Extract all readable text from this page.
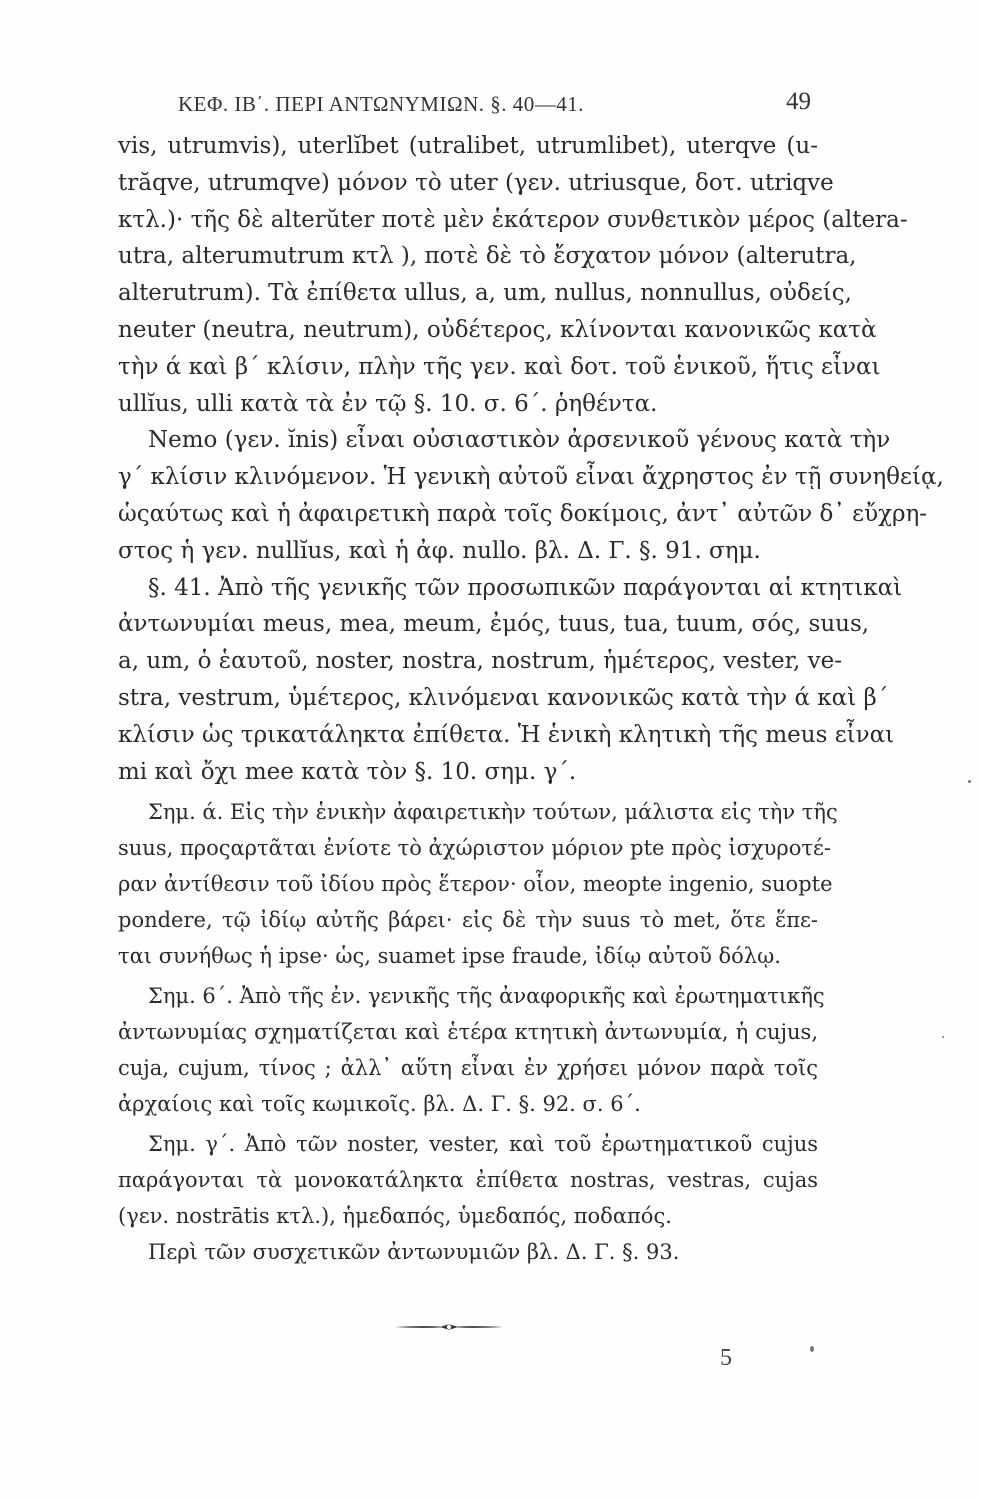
ΚΕΦ. ΙΒ΄. ΠΕΡΙ ΑΝΤΩΝΥΜΙΩΝ. §. 40—41.	49
vis, utrumvis), uterlĭbet (utralibet, utrumlibet), uterqve (u-
trăqve, utrumqve) μόνον τὸ uter (γεν. utriusque, δοτ. utriqve
κτλ.)· τῆς δὲ alterŭter ποτὲ μὲν ἑκάτερον συνθετικὸν μέρος (altera-
utra, alterumutrum κτλ ), ποτὲ δὲ τὸ ἔσχατον μόνον (alterutra,
alterutrum). Τὰ ἐπίθετα ullus, a, um, nullus, nonnullus, οὐδείς,
neuter (neutra, neutrum), οὐδέτερος, κλίνονται κανονικῶς κατὰ
τὴν ά καὶ β΄ κλίσιν, πλὴν τῆς γεν. καὶ δοτ. τοῦ ἑνικοῦ, ἥτις εἶναι
ullĭus, ulli κατὰ τὰ ἐν τῷ §. 10. σ. 6΄. ῥηθέντα.
Nemo (γεν. ĭnis) εἶναι οὐσιαστικὸν ἀρσενικοῦ γένους κατὰ τὴν
γ΄ κλίσιν κλινόμενον. Ἡ γενικὴ αὐτοῦ εἶναι ἄχρηστος ἐν τῇ συνηθείᾳ,
ὡςαύτως καὶ ἡ ἀφαιρετικὴ παρὰ τοῖς δοκίμοις, ἀντ᾽ αὐτῶν δ᾽ εὔχρη-
στος ἡ γεν. nullĭus, καὶ ἡ ἀφ. nullo. βλ. Δ. Γ. §. 91. σημ.
§. 41. Ἀπὸ τῆς γενικῆς τῶν προσωπικῶν παράγονται αἱ κτητικαὶ
ἀντωνυμίαι meus, mea, meum, ἐμός, tuus, tua, tuum, σός, suus,
a, um, ὁ ἑαυτοῦ, noster, nostra, nostrum, ἡμέτερος, vester, ve-
stra, vestrum, ὑμέτερος, κλινόμεναι κανονικῶς κατὰ τὴν ά καὶ β΄
κλίσιν ὡς τρικατάληκτα ἐπίθετα. Ἡ ἑνικὴ κλητικὴ τῆς meus εἶναι
mi καὶ ὄχι mee κατὰ τὸν §. 10. σημ. γ΄.
Σημ. ά. Εἰς τὴν ἑνικὴν ἀφαιρετικὴν τούτων, μάλιστα εἰς τὴν τῆς
suus, προςαρτᾶται ἐνίοτε τὸ ἀχώριστον μόριον pte πρὸς ἰσχυροτέ-
ραν ἀντίθεσιν τοῦ ἰδίου πρὸς ἕτερον· οἷον, meopte ingenio, suopte
pondere, τῷ ἰδίῳ αὐτῆς βάρει· εἰς δὲ τὴν suus τὸ met, ὅτε ἕπε-
ται συνήθως ἡ ipse· ὡς, suamet ipse fraude, ἰδίῳ αὐτοῦ δόλῳ.
Σημ. 6΄. Ἀπὸ τῆς ἐν. γενικῆς τῆς ἀναφορικῆς καὶ ἐρωτηματικῆς
ἀντωνυμίας σχηματίζεται καὶ ἑτέρα κτητικὴ ἀντωνυμία, ἡ cujus,
cuja, cujum, τίνος ; ἀλλ᾽ αὕτη εἶναι ἐν χρήσει μόνον παρὰ τοῖς
ἀρχαίοις καὶ τοῖς κωμικοῖς. βλ. Δ. Γ. §. 92. σ. 6΄.
Σημ. γ΄. Ἀπὸ τῶν noster, vester, καὶ τοῦ ἐρωτηματικοῦ cujus
παράγονται τὰ μονοκατάληκτα ἐπίθετα nostras, vestras, cujas
(γεν. nostrātis κτλ.), ἡμεδαπός, ὑμεδαπός, ποδαπός.
Περὶ τῶν συσχετικῶν ἀντωνυμιῶν βλ. Δ. Γ. §. 93.
5
